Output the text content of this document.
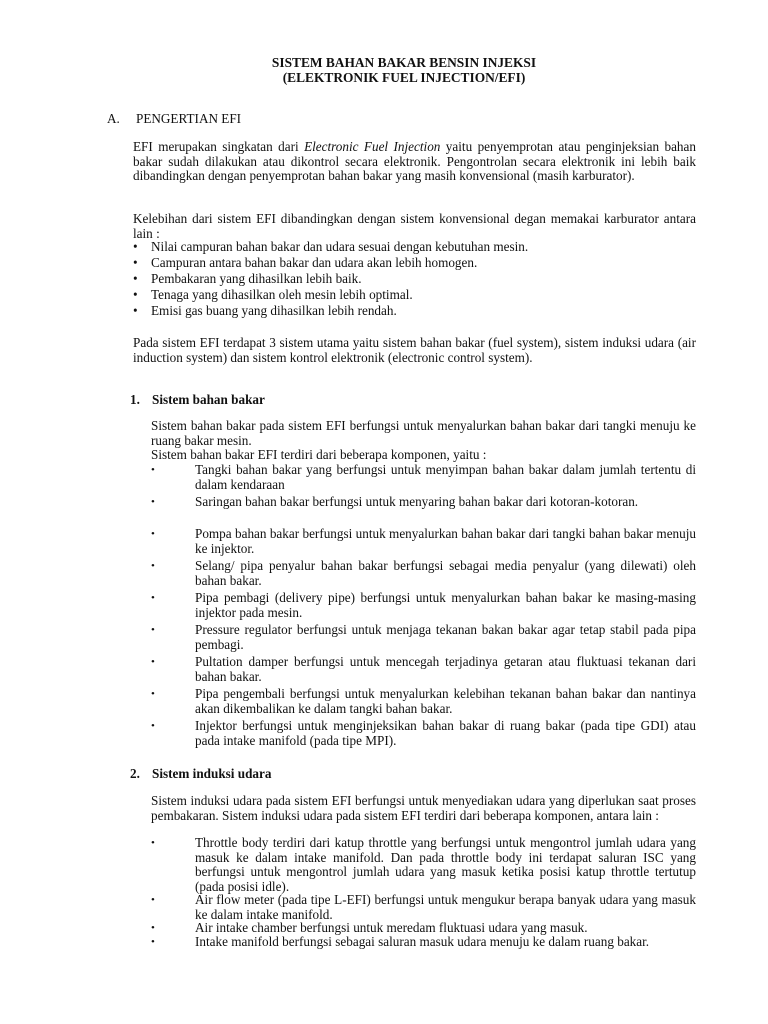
SISTEM BAHAN BAKAR BENSIN INJEKSI
(ELEKTRONIK FUEL INJECTION/EFI)
A. PENGERTIAN EFI
EFI merupakan singkatan dari Electronic Fuel Injection yaitu penyemprotan atau penginjeksian bahan bakar sudah dilakukan atau dikontrol secara elektronik. Pengontrolan secara elektronik ini lebih baik dibandingkan dengan penyemprotan bahan bakar yang masih konvensional (masih karburator).
Kelebihan dari sistem EFI dibandingkan dengan sistem konvensional degan memakai karburator antara lain :
• Nilai campuran bahan bakar dan udara sesuai dengan kebutuhan mesin.
• Campuran antara bahan bakar dan udara akan lebih homogen.
• Pembakaran yang dihasilkan lebih baik.
• Tenaga yang dihasilkan oleh mesin lebih optimal.
• Emisi gas buang yang dihasilkan lebih rendah.
Pada sistem EFI terdapat 3 sistem utama yaitu sistem bahan bakar (fuel system), sistem induksi udara (air induction system) dan sistem kontrol elektronik (electronic control system).
1. Sistem bahan bakar
Sistem bahan bakar pada sistem EFI berfungsi untuk menyalurkan bahan bakar dari tangki menuju ke ruang bakar mesin.
Sistem bahan bakar EFI terdiri dari beberapa komponen, yaitu :
•	Tangki bahan bakar yang berfungsi untuk menyimpan bahan bakar dalam jumlah tertentu di dalam kendaraan
•	Saringan bahan bakar berfungsi untuk menyaring bahan bakar dari kotoran-kotoran.
•	Pompa bahan bakar berfungsi untuk menyalurkan bahan bakar dari tangki bahan bakar menuju ke injektor.
•	Selang/ pipa penyalur bahan bakar berfungsi sebagai media penyalur (yang dilewati) oleh bahan bakar.
•	Pipa pembagi (delivery pipe) berfungsi untuk menyalurkan bahan bakar ke masing-masing injektor pada mesin.
•	Pressure regulator berfungsi untuk menjaga tekanan bakan bakar agar tetap stabil pada pipa pembagi.
•	Pultation damper berfungsi untuk mencegah terjadinya getaran atau fluktuasi tekanan dari bahan bakar.
•	Pipa pengembali berfungsi untuk menyalurkan kelebihan tekanan bahan bakar dan nantinya akan dikembalikan ke dalam tangki bahan bakar.
•	Injektor berfungsi untuk menginjeksikan bahan bakar di ruang bakar (pada tipe GDI) atau pada intake manifold (pada tipe MPI).
2. Sistem induksi udara
Sistem induksi udara pada sistem EFI berfungsi untuk menyediakan udara yang diperlukan saat proses pembakaran. Sistem induksi udara pada sistem EFI terdiri dari beberapa komponen, antara lain :
•	Throttle body terdiri dari katup throttle yang berfungsi untuk mengontrol jumlah udara yang masuk ke dalam intake manifold. Dan pada throttle body ini terdapat saluran ISC yang berfungsi untuk mengontrol jumlah udara yang masuk ketika posisi katup throttle tertutup (pada posisi idle).
•	Air flow meter (pada tipe L-EFI) berfungsi untuk mengukur berapa banyak udara yang masuk ke dalam intake manifold.
•	Air intake chamber berfungsi untuk meredam fluktuasi udara yang masuk.
•	Intake manifold berfungsi sebagai saluran masuk udara menuju ke dalam ruang bakar.
